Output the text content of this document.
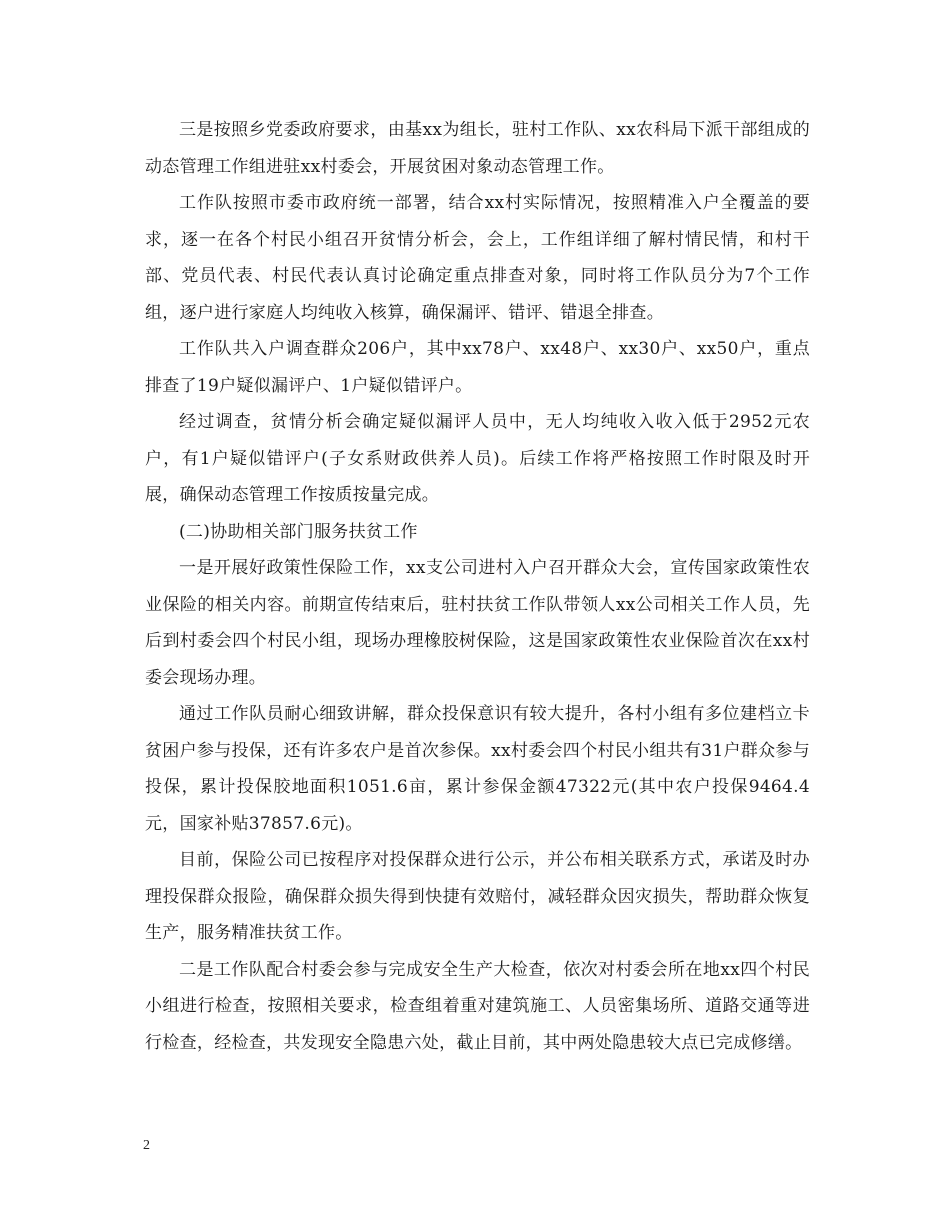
三是按照乡党委政府要求，由基xx为组长，驻村工作队、xx农科局下派干部组成的动态管理工作组进驻xx村委会，开展贫困对象动态管理工作。

工作队按照市委市政府统一部署，结合xx村实际情况，按照精准入户全覆盖的要求，逐一在各个村民小组召开贫情分析会，会上，工作组详细了解村情民情，和村干部、党员代表、村民代表认真讨论确定重点排查对象，同时将工作队员分为7个工作组，逐户进行家庭人均纯收入核算，确保漏评、错评、错退全排查。

工作队共入户调查群众206户，其中xx78户、xx48户、xx30户、xx50户，重点排查了19户疑似漏评户、1户疑似错评户。

经过调查，贫情分析会确定疑似漏评人员中，无人均纯收入收入低于2952元农户，有1户疑似错评户(子女系财政供养人员)。后续工作将严格按照工作时限及时开展，确保动态管理工作按质按量完成。

(二)协助相关部门服务扶贫工作

一是开展好政策性保险工作，xx支公司进村入户召开群众大会，宣传国家政策性农业保险的相关内容。前期宣传结束后，驻村扶贫工作队带领人xx公司相关工作人员，先后到村委会四个村民小组，现场办理橡胶树保险，这是国家政策性农业保险首次在xx村委会现场办理。

通过工作队员耐心细致讲解，群众投保意识有较大提升，各村小组有多位建档立卡贫困户参与投保，还有许多农户是首次参保。xx村委会四个村民小组共有31户群众参与投保，累计投保胶地面积1051.6亩，累计参保金额47322元(其中农户投保9464.4元，国家补贴37857.6元)。

目前，保险公司已按程序对投保群众进行公示，并公布相关联系方式，承诺及时办理投保群众报险，确保群众损失得到快捷有效赔付，减轻群众因灾损失，帮助群众恢复生产，服务精准扶贫工作。

二是工作队配合村委会参与完成安全生产大检查，依次对村委会所在地xx四个村民小组进行检查，按照相关要求，检查组着重对建筑施工、人员密集场所、道路交通等进行检查，经检查，共发现安全隐患六处，截止目前，其中两处隐患较大点已完成修缮。

2
